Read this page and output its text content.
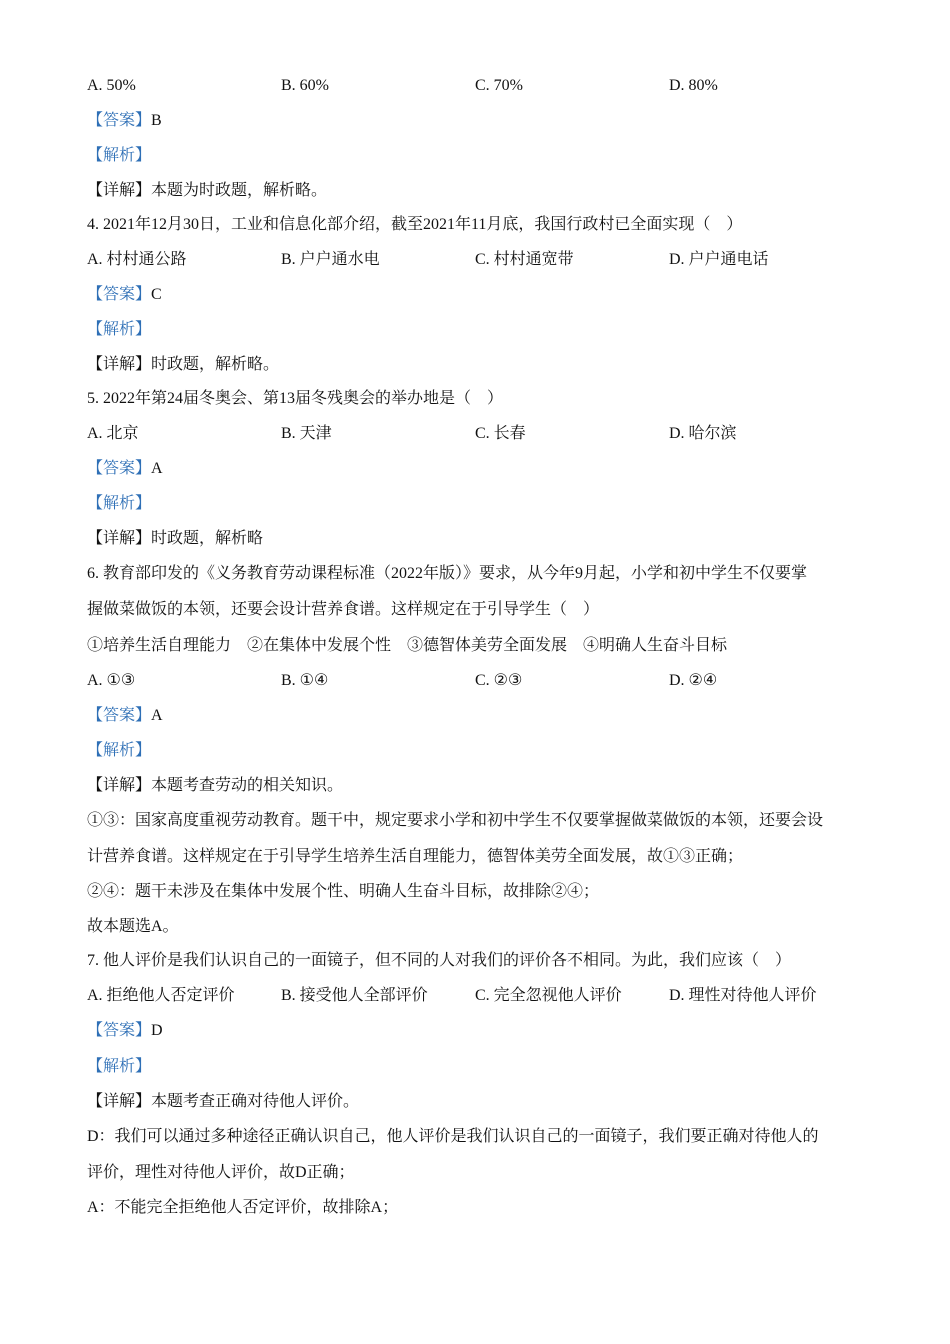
A. 50%	B. 60%	C. 70%	D. 80%
【答案】B
【解析】
【详解】本题为时政题，解析略。
4. 2021年12月30日，工业和信息化部介绍，截至2021年11月底，我国行政村已全面实现（　）
A. 村村通公路	B. 户户通水电	C. 村村通宽带	D. 户户通电话
【答案】C
【解析】
【详解】时政题，解析略。
5. 2022年第24届冬奥会、第13届冬残奥会的举办地是（　）
A. 北京	B. 天津	C. 长春	D. 哈尔滨
【答案】A
【解析】
【详解】时政题，解析略
6. 教育部印发的《义务教育劳动课程标准（2022年版）》要求，从今年9月起，小学和初中学生不仅要掌
握做菜做饭的本领，还要会设计营养食谱。这样规定在于引导学生（　）
①培养生活自理能力　②在集体中发展个性　③德智体美劳全面发展　④明确人生奋斗目标
A. ①③	B. ①④	C. ②③	D. ②④
【答案】A
【解析】
【详解】本题考查劳动的相关知识。
①③：国家高度重视劳动教育。题干中，规定要求小学和初中学生不仅要掌握做菜做饭的本领，还要会设
计营养食谱。这样规定在于引导学生培养生活自理能力，德智体美劳全面发展，故①③正确；
②④：题干未涉及在集体中发展个性、明确人生奋斗目标，故排除②④；
故本题选A。
7. 他人评价是我们认识自己的一面镜子，但不同的人对我们的评价各不相同。为此，我们应该（　）
A. 拒绝他人否定评价	B. 接受他人全部评价	C. 完全忽视他人评价	D. 理性对待他人评价
【答案】D
【解析】
【详解】本题考查正确对待他人评价。
D：我们可以通过多种途径正确认识自己，他人评价是我们认识自己的一面镜子，我们要正确对待他人的
评价，理性对待他人评价，故D正确；
A：不能完全拒绝他人否定评价，故排除A；
